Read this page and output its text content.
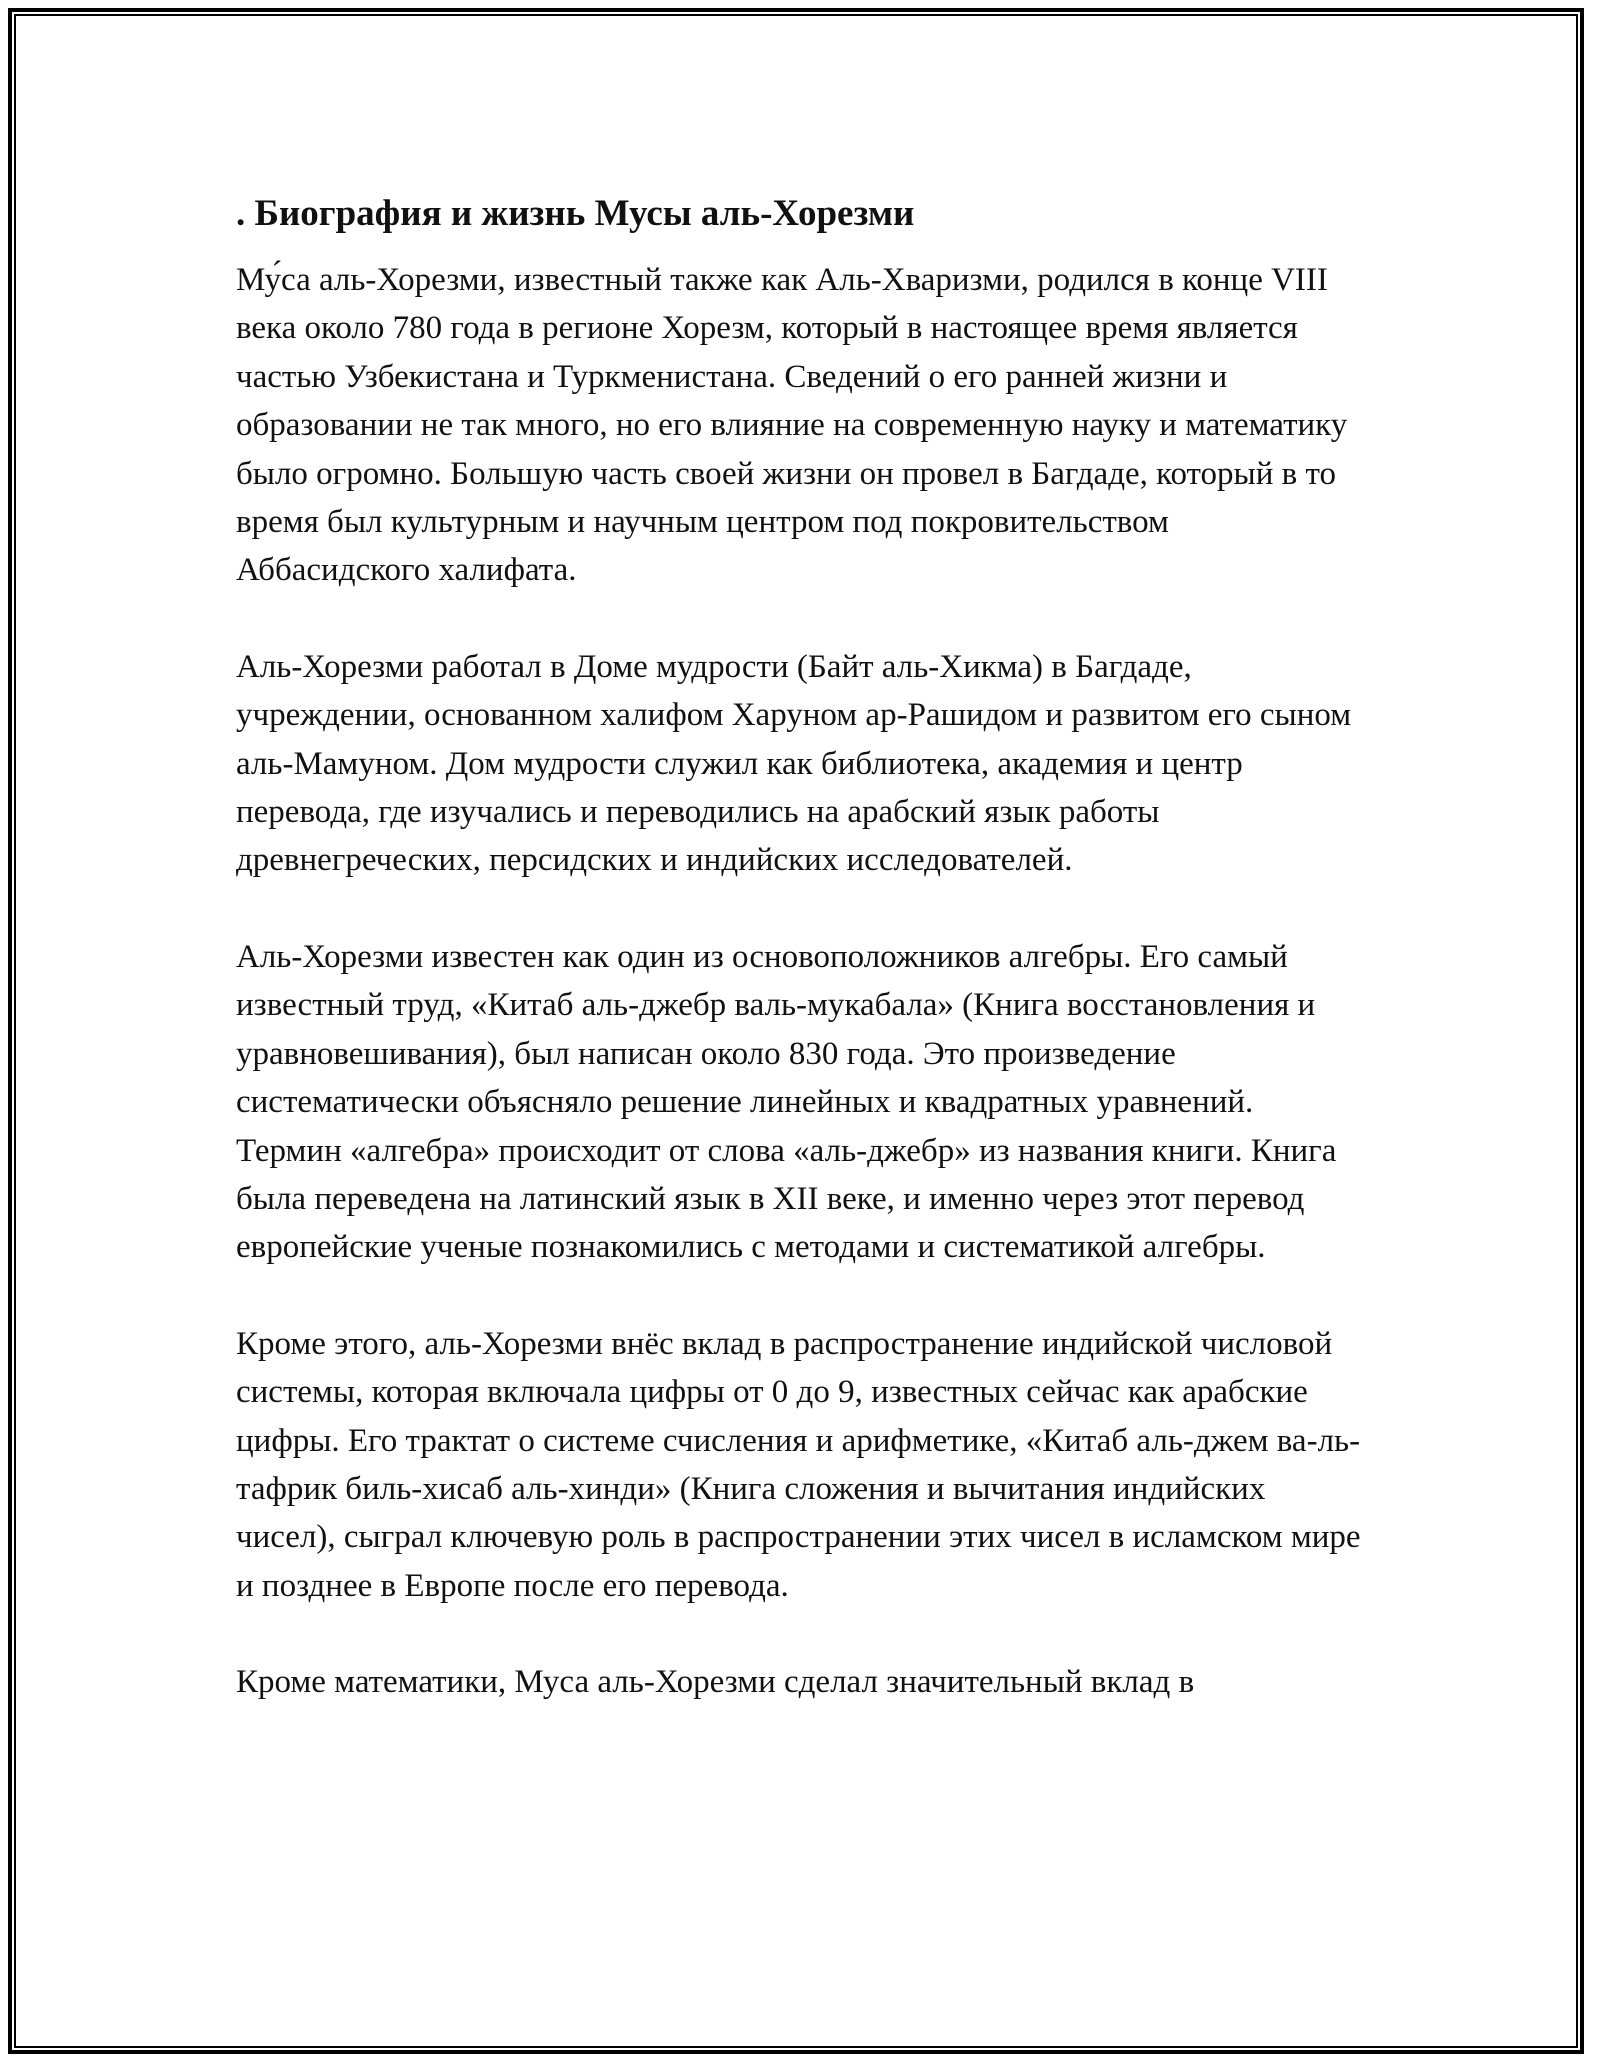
. Биография и жизнь Мусы аль-Хорезми

Му́са аль-Хорезми, известный также как Аль-Хваризми, родился в конце VIII века около 780 года в регионе Хорезм, который в настоящее время является частью Узбекистана и Туркменистана. Сведений о его ранней жизни и образовании не так много, но его влияние на современную науку и математику было огромно. Большую часть своей жизни он провел в Багдаде, который в то время был культурным и научным центром под покровительством Аббасидского халифата.

Аль-Хорезми работал в Доме мудрости (Байт аль-Хикма) в Багдаде, учреждении, основанном халифом Харуном ар-Рашидом и развитом его сыном аль-Мамуном. Дом мудрости служил как библиотека, академия и центр перевода, где изучались и переводились на арабский язык работы древнегреческих, персидских и индийских исследователей.

Аль-Хорезми известен как один из основоположников алгебры. Его самый известный труд, «Китаб аль-джебр валь-мукабала» (Книга восстановления и уравновешивания), был написан около 830 года. Это произведение систематически объясняло решение линейных и квадратных уравнений. Термин «алгебра» происходит от слова «аль-джебр» из названия книги. Книга была переведена на латинский язык в XII веке, и именно через этот перевод европейские ученые познакомились с методами и систематикой алгебры.

Кроме этого, аль-Хорезми внёс вклад в распространение индийской числовой системы, которая включала цифры от 0 до 9, известных сейчас как арабские цифры. Его трактат о системе счисления и арифметике, «Китаб аль-джем ва-ль-тафрик биль-хисаб аль-хинди» (Книга сложения и вычитания индийских чисел), сыграл ключевую роль в распространении этих чисел в исламском мире и позднее в Европе после его перевода.

Кроме математики, Муса аль-Хорезми сделал значительный вклад в
